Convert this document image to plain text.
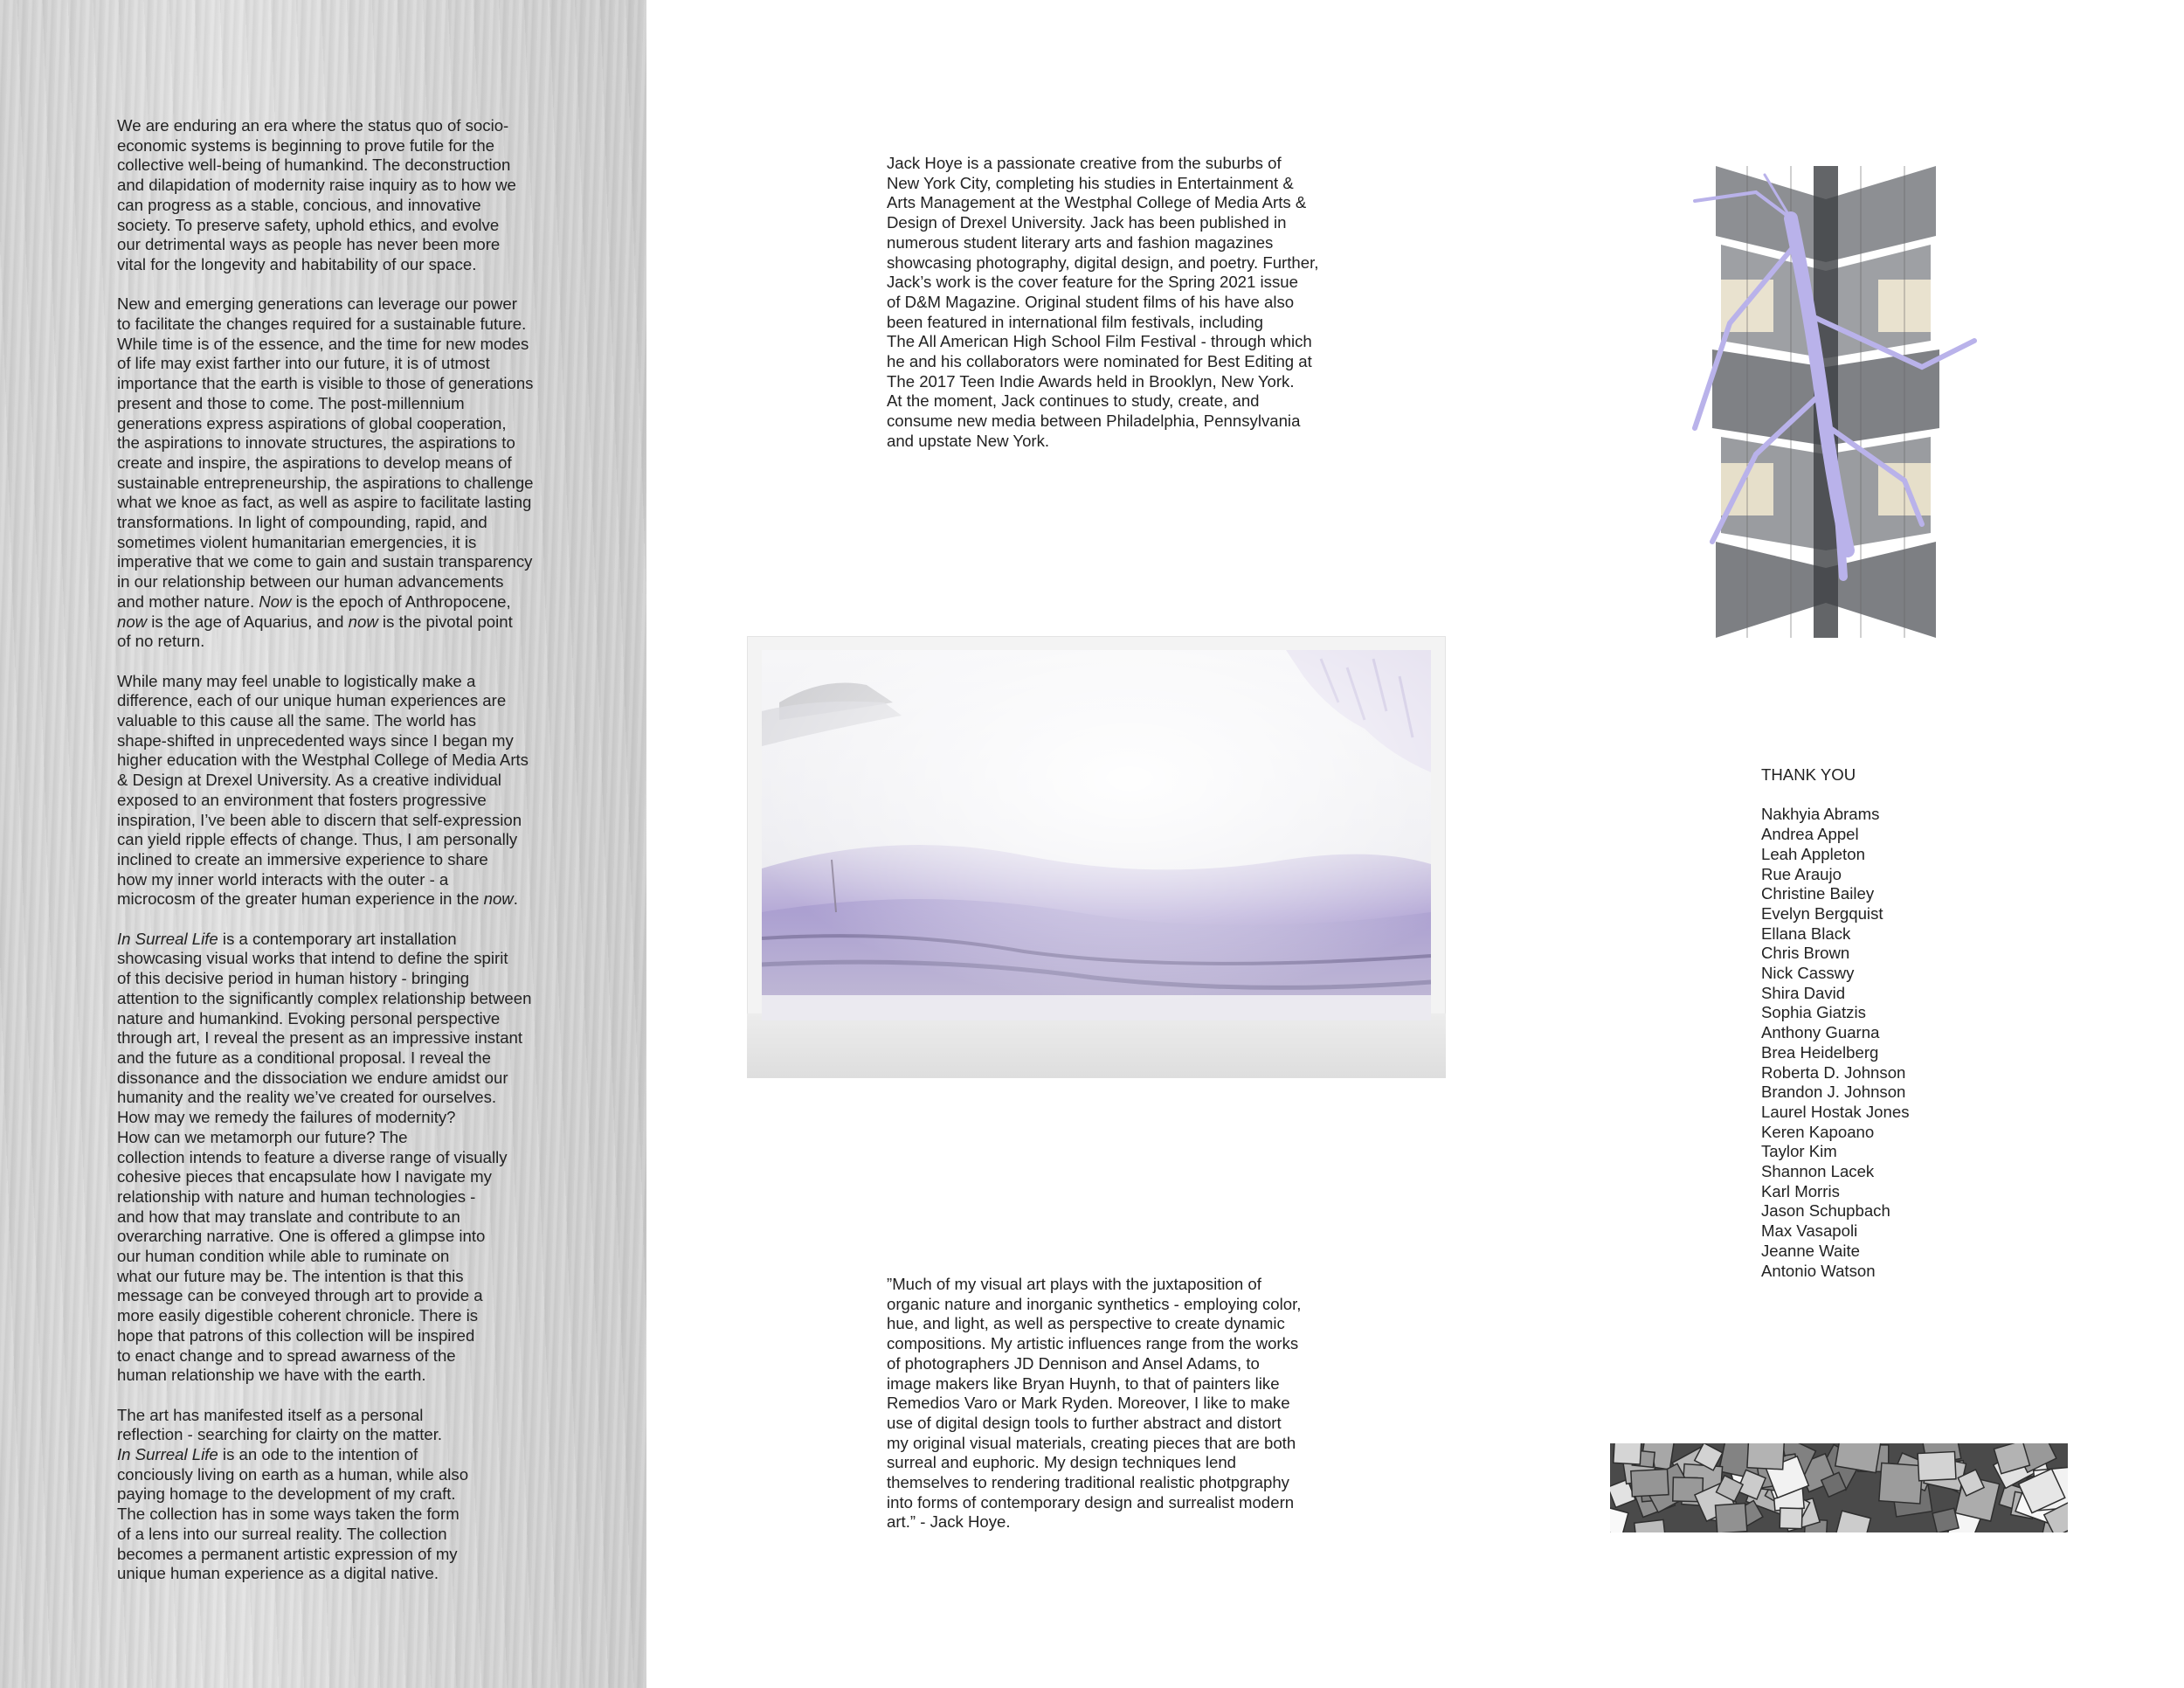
We are enduring an era where the status quo of socio-
economic systems is beginning to prove futile for the
collective well-being of humankind. The deconstruction
and dilapidation of modernity raise inquiry as to how we
can progress as a stable, concious, and innovative
society. To preserve safety, uphold ethics, and evolve
our detrimental ways as people has never been more
vital for the longevity and habitability of our space.

New and emerging generations can leverage our power
to facilitate the changes required for a sustainable future.
While time is of the essence, and the time for new modes
of life may exist farther into our future, it is of utmost
importance that the earth is visible to those of generations
present and those to come. The post-millennium
generations express aspirations of global cooperation,
the aspirations to innovate structures, the aspirations to
create and inspire, the aspirations to develop means of
sustainable entrepreneurship, the aspirations to challenge
what we knoe as fact, as well as aspire to facilitate lasting
transformations. In light of compounding, rapid, and
sometimes violent humanitarian emergencies, it is
imperative that we come to gain and sustain transparency
in our relationship between our human advancements
and mother nature. Now is the epoch of Anthropocene,
now is the age of Aquarius, and now is the pivotal point
of no return.

While many may feel unable to logistically make a
difference, each of our unique human experiences are
valuable to this cause all the same. The world has
shape-shifted in unprecedented ways since I began my
higher education with the Westphal College of Media Arts
& Design at Drexel University. As a creative individual
exposed to an environment that fosters progressive
inspiration, I’ve been able to discern that self-expression
can yield ripple effects of change. Thus, I am personally
inclined to create an immersive experience to share
how my inner world interacts with the outer - a
microcosm of the greater human experience in the now.

In Surreal Life is a contemporary art installation
showcasing visual works that intend to define the spirit
of this decisive period in human history - bringing
attention to the significantly complex relationship between
nature and humankind. Evoking personal perspective
through art, I reveal the present as an impressive instant
and the future as a conditional proposal. I reveal the
dissonance and the dissociation we endure amidst our
humanity and the reality we’ve created for ourselves.
How may we remedy the failures of modernity?
How can we metamorph our future? The
collection intends to feature a diverse range of visually
cohesive pieces that encapsulate how I navigate my
relationship with nature and human technologies -
and how that may translate and contribute to an
overarching narrative. One is offered a glimpse into
our human condition while able to ruminate on
what our future may be. The intention is that this
message can be conveyed through art to provide a
more easily digestible coherent chronicle. There is
hope that patrons of this collection will be inspired
to enact change and to spread awarness of the
human relationship we have with the earth.

The art has manifested itself as a personal
reflection - searching for clairty on the matter.
In Surreal Life is an ode to the intention of
conciously living on earth as a human, while also
paying homage to the development of my craft.
The collection has in some ways taken the form
of a lens into our surreal reality. The collection
becomes a permanent artistic expression of my
unique human experience as a digital native.

Jack Hoye is a passionate creative from the suburbs of
New York City, completing his studies in Entertainment &
Arts Management at the Westphal College of Media Arts &
Design of Drexel University. Jack has been published in
numerous student literary arts and fashion magazines
showcasing photography, digital design, and poetry. Further,
Jack’s work is the cover feature for the Spring 2021 issue
of D&M Magazine. Original student films of his have also
been featured in international film festivals, including
The All American High School Film Festival - through which
he and his collaborators were nominated for Best Editing at
The 2017 Teen Indie Awards held in Brooklyn, New York.
At the moment, Jack continues to study, create, and
consume new media between Philadelphia, Pennsylvania
and upstate New York.
”Much of my visual art plays with the juxtaposition of
organic nature and inorganic synthetics - employing color,
hue, and light, as well as perspective to create dynamic
compositions. My artistic influences range from the works
of photographers JD Dennison and Ansel Adams, to
image makers like Bryan Huynh, to that of painters like
Remedios Varo or Mark Ryden. Moreover, I like to make
use of digital design tools to further abstract and distort
my original visual materials, creating pieces that are both
surreal and euphoric. My design techniques lend
themselves to rendering traditional realistic photpgraphy
into forms of contemporary design and surrealist modern
art.” - Jack Hoye.
THANK YOU
Nakhyia Abrams
Andrea Appel
Leah Appleton
Rue Araujo
Christine Bailey
Evelyn Bergquist
Ellana Black
Chris Brown
Nick Casswy
Shira David
Sophia Giatzis
Anthony Guarna
Brea Heidelberg
Roberta D. Johnson
Brandon J. Johnson
Laurel Hostak Jones
Keren Kapoano
Taylor Kim
Shannon Lacek
Karl Morris
Jason Schupbach
Max Vasapoli
Jeanne Waite
Antonio Watson
